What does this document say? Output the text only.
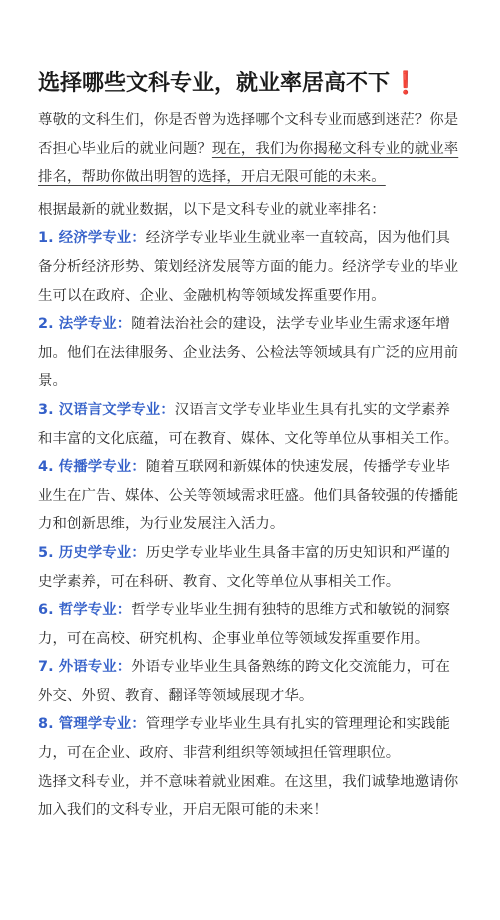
选择哪些文科专业，就业率居高不下❗

尊敬的文科生们，你是否曾为选择哪个文科专业而感到迷茫？你是否担心毕业后的就业问题？现在，我们为你揭秘文科专业的就业率排名，帮助你做出明智的选择，开启无限可能的未来。

根据最新的就业数据，以下是文科专业的就业率排名：

1. 经济学专业：经济学专业毕业生就业率一直较高，因为他们具备分析经济形势、策划经济发展等方面的能力。经济学专业的毕业生可以在政府、企业、金融机构等领域发挥重要作用。

2. 法学专业：随着法治社会的建设，法学专业毕业生需求逐年增加。他们在法律服务、企业法务、公检法等领域具有广泛的应用前景。

3. 汉语言文学专业：汉语言文学专业毕业生具有扎实的文学素养和丰富的文化底蕴，可在教育、媒体、文化等单位从事相关工作。

4. 传播学专业：随着互联网和新媒体的快速发展，传播学专业毕业生在广告、媒体、公关等领域需求旺盛。他们具备较强的传播能力和创新思维，为行业发展注入活力。

5. 历史学专业：历史学专业毕业生具备丰富的历史知识和严谨的史学素养，可在科研、教育、文化等单位从事相关工作。

6. 哲学专业：哲学专业毕业生拥有独特的思维方式和敏锐的洞察力，可在高校、研究机构、企事业单位等领域发挥重要作用。

7. 外语专业：外语专业毕业生具备熟练的跨文化交流能力，可在外交、外贸、教育、翻译等领域展现才华。

8. 管理学专业：管理学专业毕业生具有扎实的管理理论和实践能力，可在企业、政府、非营利组织等领域担任管理职位。

选择文科专业，并不意味着就业困难。在这里，我们诚挚地邀请你加入我们的文科专业，开启无限可能的未来！
